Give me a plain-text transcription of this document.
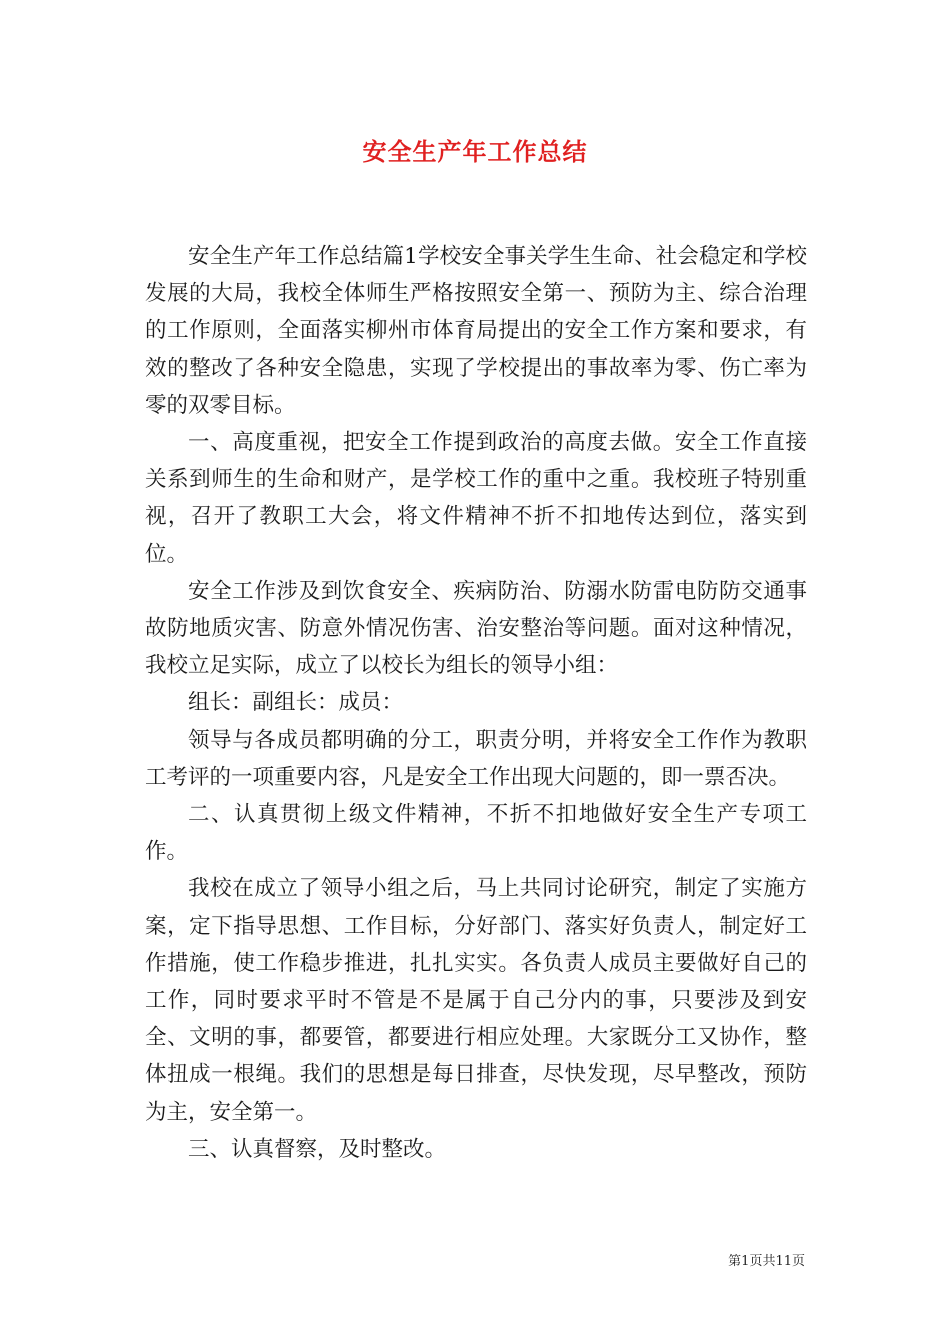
安全生产年工作总结

安全生产年工作总结篇1学校安全事关学生生命、社会稳定和学校发展的大局，我校全体师生严格按照安全第一、预防为主、综合治理的工作原则，全面落实柳州市体育局提出的安全工作方案和要求，有效的整改了各种安全隐患，实现了学校提出的事故率为零、伤亡率为零的双零目标。

一、高度重视，把安全工作提到政治的高度去做。安全工作直接关系到师生的生命和财产，是学校工作的重中之重。我校班子特别重视，召开了教职工大会，将文件精神不折不扣地传达到位，落实到位。

安全工作涉及到饮食安全、疾病防治、防溺水防雷电防防交通事故防地质灾害、防意外情况伤害、治安整治等问题。面对这种情况，我校立足实际，成立了以校长为组长的领导小组：

组长：副组长：成员：

领导与各成员都明确的分工，职责分明，并将安全工作作为教职工考评的一项重要内容，凡是安全工作出现大问题的，即一票否决。

二、认真贯彻上级文件精神，不折不扣地做好安全生产专项工作。

我校在成立了领导小组之后，马上共同讨论研究，制定了实施方案，定下指导思想、工作目标，分好部门、落实好负责人，制定好工作措施，使工作稳步推进，扎扎实实。各负责人成员主要做好自己的工作，同时要求平时不管是不是属于自己分内的事，只要涉及到安全、文明的事，都要管，都要进行相应处理。大家既分工又协作，整体扭成一根绳。我们的思想是每日排查，尽快发现，尽早整改，预防为主，安全第一。

三、认真督察，及时整改。

第1页共11页
